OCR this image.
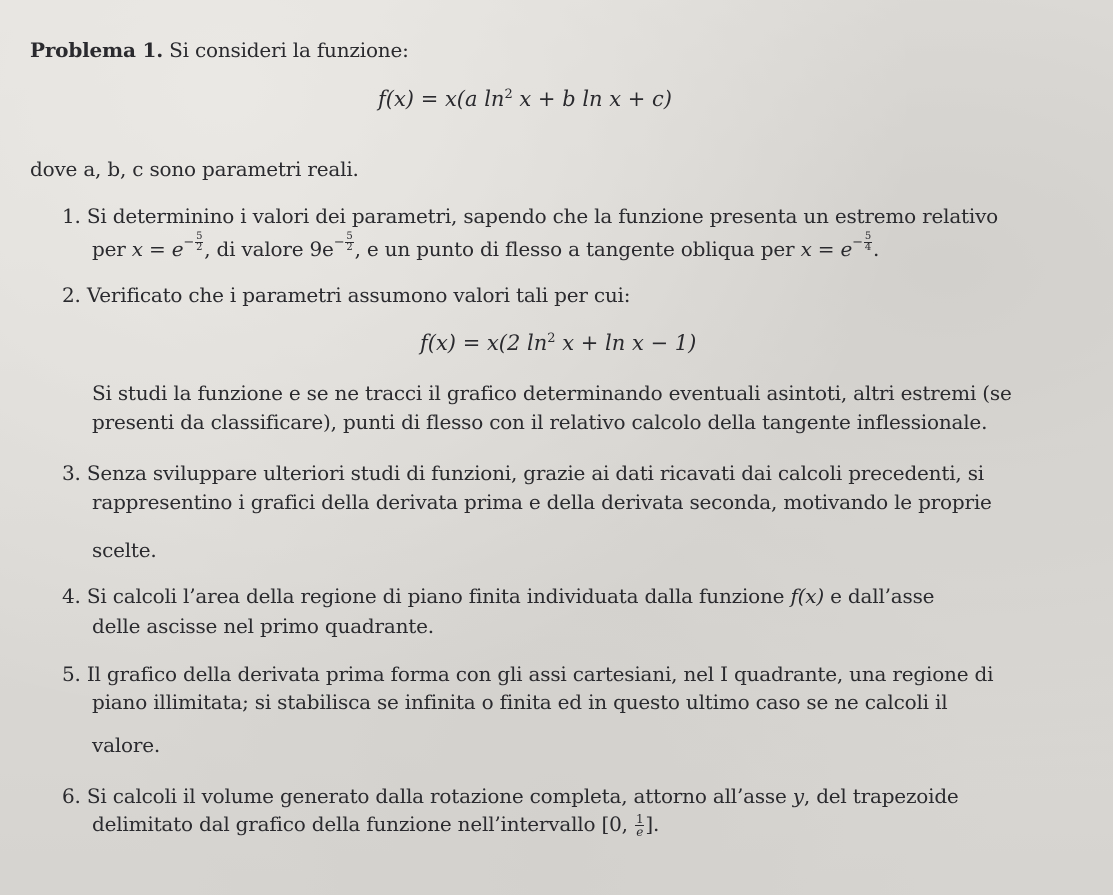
Problema 1. Si consideri la funzione:
f(x) = x(a $\ln^2 x + b$ ln x + c)
dove a, b, c sono parametri reali.
1. Si determinino i valori dei parametri, sapendo che la funzione presenta un estremo relativo
per $x = e- \frac{5}{2}$ , di valore $9e- \frac{5}{2}$ , e un punto di flesso a tangente obliqua per $x = e- \frac{5}{4}$ .
2. Verificato che i parametri assumono valori tali per cui:
f(x) = x(2 $\ln^2 x + \ln x - 1$)
Si studi la funzione e se ne tracci il grafico determinando eventuali asintoti, altri estremi (se
presenti da classificare), punti di flesso con il relativo calcolo della tangente inflessionale.
3. Senza sviluppare ulteriori studi di funzioni, grazie ai dati ricavati dai calcoli precedenti, si
rappresentino i grafici della derivata prima e della derivata seconda, motivando le proprie
scelte.
4. Si calcoli l’area della regione di piano finita individuata dalla funzione f(x) e dall’asse
delle ascisse nel primo quadrante.
5. Il grafico della derivata prima forma con gli assi cartesiani, nel I quadrante, una regione di
piano illimitata; si stabilisca se infinita o finita ed in questo ultimo caso se ne calcoli il
valore.
6. Si calcoli il volume generato dalla rotazione completa, attorno all’asse y, del trapezoide
delimitato dal grafico della funzione nell’intervallo [0, $\frac{1}{e}$ ].
